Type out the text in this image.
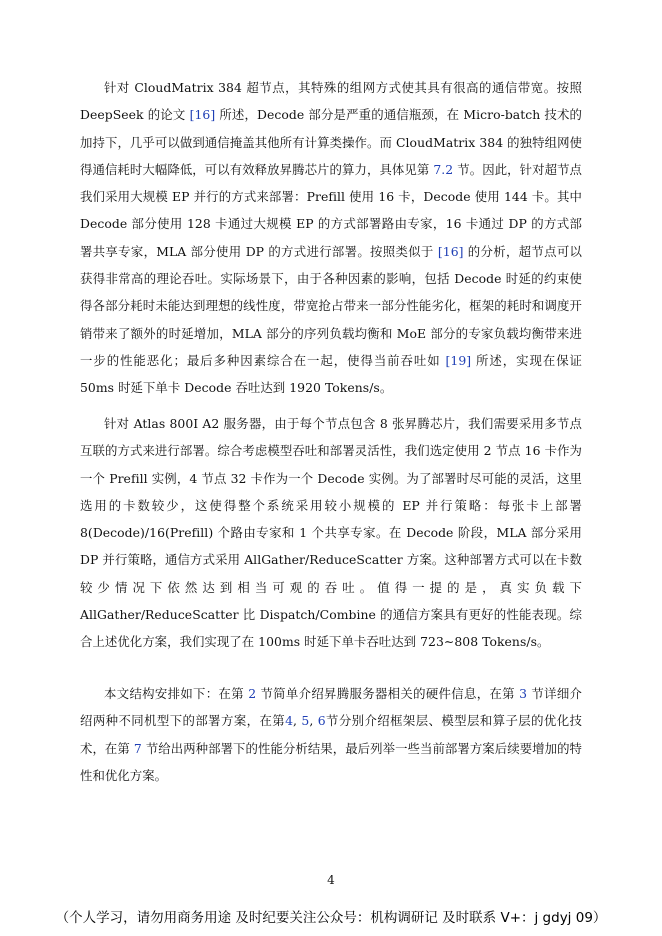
针对 CloudMatrix 384 超节点，其特殊的组网方式使其具有很高的通信带宽。按照 DeepSeek 的论文 [16] 所述，Decode 部分是严重的通信瓶颈，在 Micro-batch 技术的加持下，几乎可以做到通信掩盖其他所有计算类操作。而 CloudMatrix 384 的独特组网使得通信耗时大幅降低，可以有效释放昇腾芯片的算力，具体见第 7.2 节。因此，针对超节点我们采用大规模 EP 并行的方式来部署：Prefill 使用 16 卡，Decode 使用 144 卡。其中 Decode 部分使用 128 卡通过大规模 EP 的方式部署路由专家，16 卡通过 DP 的方式部署共享专家，MLA 部分使用 DP 的方式进行部署。按照类似于 [16] 的分析，超节点可以获得非常高的理论吞吐。实际场景下，由于各种因素的影响，包括 Decode 时延的约束使得各部分耗时未能达到理想的线性度，带宽抢占带来一部分性能劣化，框架的耗时和调度开销带来了额外的时延增加，MLA 部分的序列负载均衡和 MoE 部分的专家负载均衡带来进一步的性能恶化；最后多种因素综合在一起，使得当前吞吐如 [19] 所述，实现在保证 50ms 时延下单卡 Decode 吞吐达到 1920 Tokens/s。

针对 Atlas 800I A2 服务器，由于每个节点包含 8 张昇腾芯片，我们需要采用多节点互联的方式来进行部署。综合考虑模型吞吐和部署灵活性，我们选定使用 2 节点 16 卡作为一个 Prefill 实例，4 节点 32 卡作为一个 Decode 实例。为了部署时尽可能的灵活，这里选用的卡数较少，这使得整个系统采用较小规模的 EP 并行策略：每张卡上部署 8(Decode)/16(Prefill) 个路由专家和 1 个共享专家。在 Decode 阶段，MLA 部分采用 DP 并行策略，通信方式采用 AllGather/ReduceScatter 方案。这种部署方式可以在卡数较少情况下依然达到相当可观的吞吐。值得一提的是，真实负载下 AllGather/ReduceScatter 比 Dispatch/Combine 的通信方案具有更好的性能表现。综合上述优化方案，我们实现了在 100ms 时延下单卡吞吐达到 723∼808 Tokens/s。

本文结构安排如下：在第 2 节简单介绍昇腾服务器相关的硬件信息，在第 3 节详细介绍两种不同机型下的部署方案，在第4, 5, 6节分别介绍框架层、模型层和算子层的优化技术，在第 7 节给出两种部署下的性能分析结果，最后列举一些当前部署方案后续要增加的特性和优化方案。

4
（个人学习，请勿用商务用途 及时纪要关注公众号：机构调研记 及时联系 V+：j gdyj 09）
